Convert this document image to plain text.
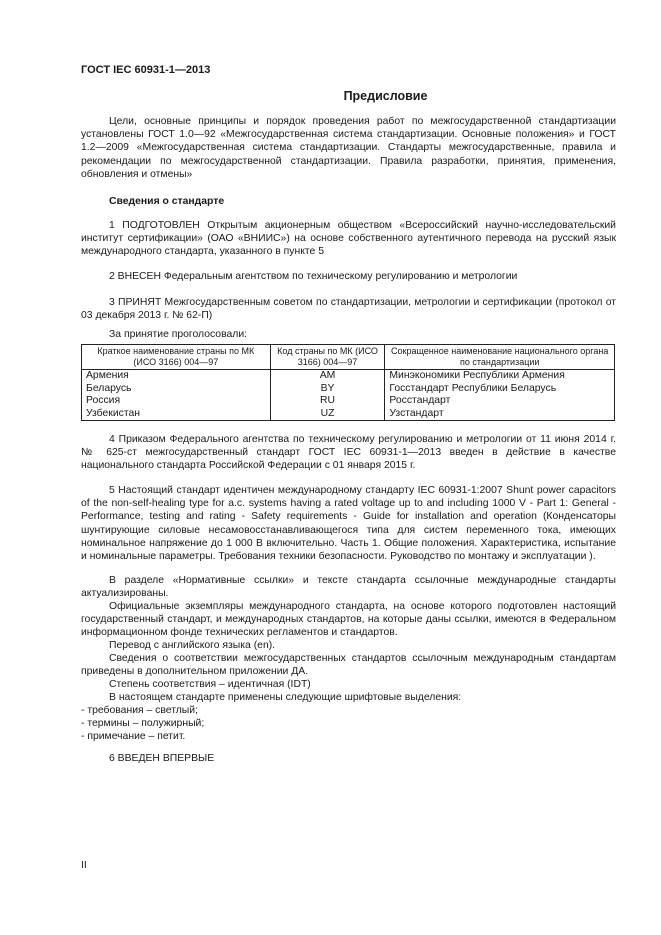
ГОСТ IEC 60931-1—2013
Предисловие

Цели, основные принципы и порядок проведения работ по межгосударственной стандартизации установлены ГОСТ 1.0—92 «Межгосударственная система стандартизации. Основные положения» и ГОСТ 1.2—2009 «Межгосударственная система стандартизации. Стандарты межгосударственные, правила и рекомендации по межгосударственной стандартизации. Правила разработки, принятия, применения, обновления и отмены»

Сведения о стандарте

1 ПОДГОТОВЛЕН Открытым акционерным обществом «Всероссийский научно-исследовательский институт сертификации» (ОАО «ВНИИС») на основе собственного аутентичного перевода на русский язык международного стандарта, указанного в пункте 5

2 ВНЕСЕН Федеральным агентством по техническому регулированию и метрологии

3 ПРИНЯТ Межгосударственным советом по стандартизации, метрологии и сертификации (протокол от 03 декабря 2013 г. № 62-П)

За принятие проголосовали:

Краткое наименование страны по МК (ИСО 3166) 004—97	Код страны по МК (ИСО 3166) 004—97	Сокращенное наименование национального органа по стандартизации
Армения	AM	Минэкономики Республики Армения
Беларусь	BY	Госстандарт Республики Беларусь
Россия	RU	Росстандарт
Узбекистан	UZ	Узстандарт

4 Приказом Федерального агентства по техническому регулированию и метрологии от 11 июня 2014 г. № 625-ст межгосударственный стандарт ГОСТ IEC 60931-1—2013 введен в действие в качестве национального стандарта Российской Федерации с 01 января 2015 г.

5 Настоящий стандарт идентичен международному стандарту IEC 60931-1:2007 Shunt power capacitors of the non-self-healing type for a.c. systems having a rated voltage up to and including 1000 V - Part 1: General - Performance, testing and rating - Safety requirements - Guide for installation and operation (Конденсаторы шунтирующие силовые несамовосстанавливающегося типа для систем переменного тока, имеющих номинальное напряжение до 1 000 В включительно. Часть 1. Общие положения. Характеристика, испытание и номинальные параметры. Требования техники безопасности. Руководство по монтажу и эксплуатации ).

В разделе «Нормативные ссылки» и тексте стандарта ссылочные международные стандарты актуализированы.

Официальные экземпляры международного стандарта, на основе которого подготовлен настоящий государственный стандарт, и международных стандартов, на которые даны ссылки, имеются в Федеральном информационном фонде технических регламентов и стандартов.

Перевод с английского языка (en).

Сведения о соответствии межгосударственных стандартов ссылочным международным стандартам приведены в дополнительном приложении ДА.

Степень соответствия – идентичная (IDT)

В настоящем стандарте применены следующие шрифтовые выделения:

- требования – светлый;

- термины – полужирный;

- примечание – петит.

6 ВВЕДЕН ВПЕРВЫЕ

II
